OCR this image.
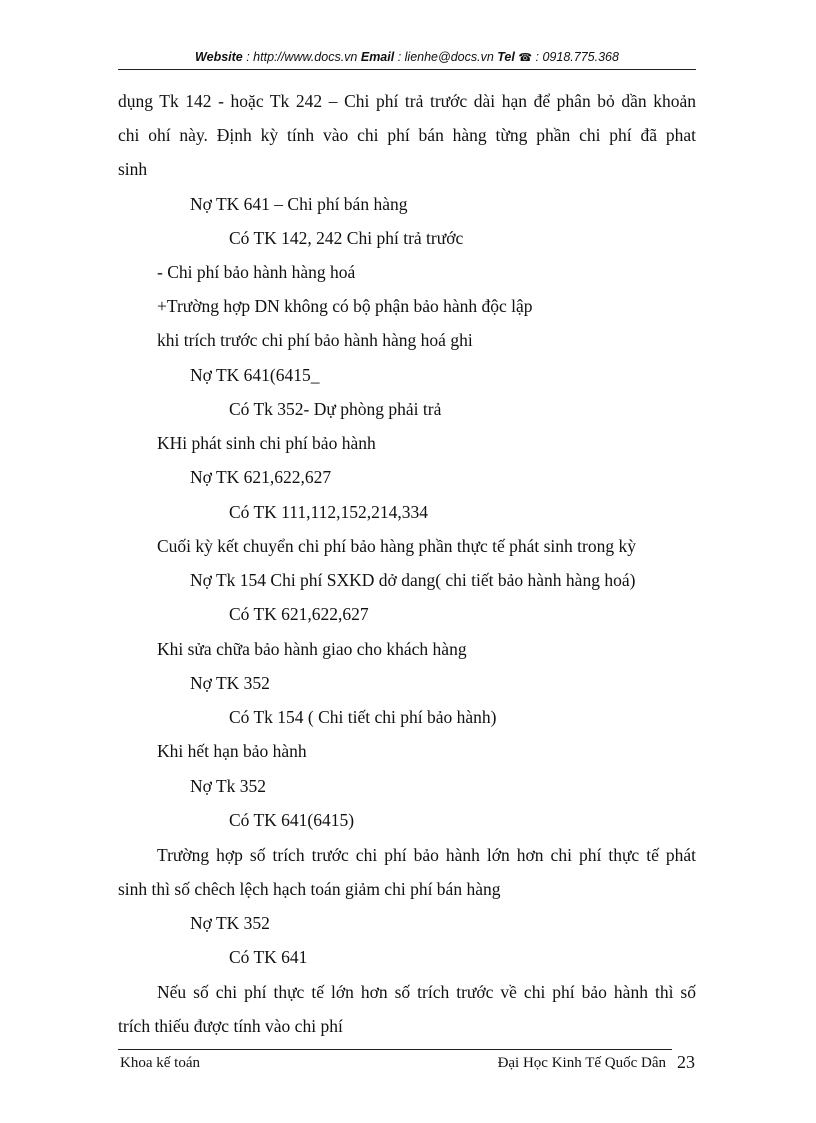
Website : http://www.docs.vn Email : lienhe@docs.vn Tel ☎ : 0918.775.368
dụng Tk 142 - hoặc Tk 242 – Chi phí trả trước dài hạn để phân bỏ dần khoản
chi ohí này. Định kỳ tính vào chi phí bán hàng từng phần chi phí đã phat
sinh
Nợ TK 641 – Chi phí bán hàng
Có TK 142, 242 Chi phí trả trước
- Chi phí bảo hành hàng hoá
+Trường hợp DN không có bộ phận bảo hành độc lập
khi trích trước chi phí bảo hành hàng hoá ghi
Nợ TK 641(6415_
Có Tk 352- Dự phòng phải trả
KHi phát sinh chi phí bảo hành
Nợ TK 621,622,627
Có TK 111,112,152,214,334
Cuối kỳ kết chuyển chi phí bảo hàng phần thực tế phát sinh trong kỳ
Nợ Tk 154 Chi phí SXKD dở dang( chi tiết bảo hành hàng hoá)
Có TK 621,622,627
Khi sửa chữa bảo hành giao cho khách hàng
Nợ TK 352
Có Tk 154 ( Chi tiết chi phí bảo hành)
Khi hết hạn bảo hành
Nợ Tk 352
Có TK 641(6415)
Trường hợp số trích trước chi phí bảo hành lớn hơn chi phí thực tế phát
sinh thì số chêch lệch hạch toán giảm chi phí bán hàng
Nợ TK 352
Có TK 641
Nếu số chi phí thực tế lớn hơn số trích trước về chi phí bảo hành thì số
trích thiếu được tính vào chi phí
Khoa kế toán	Đại Học Kinh Tế Quốc Dân 23
